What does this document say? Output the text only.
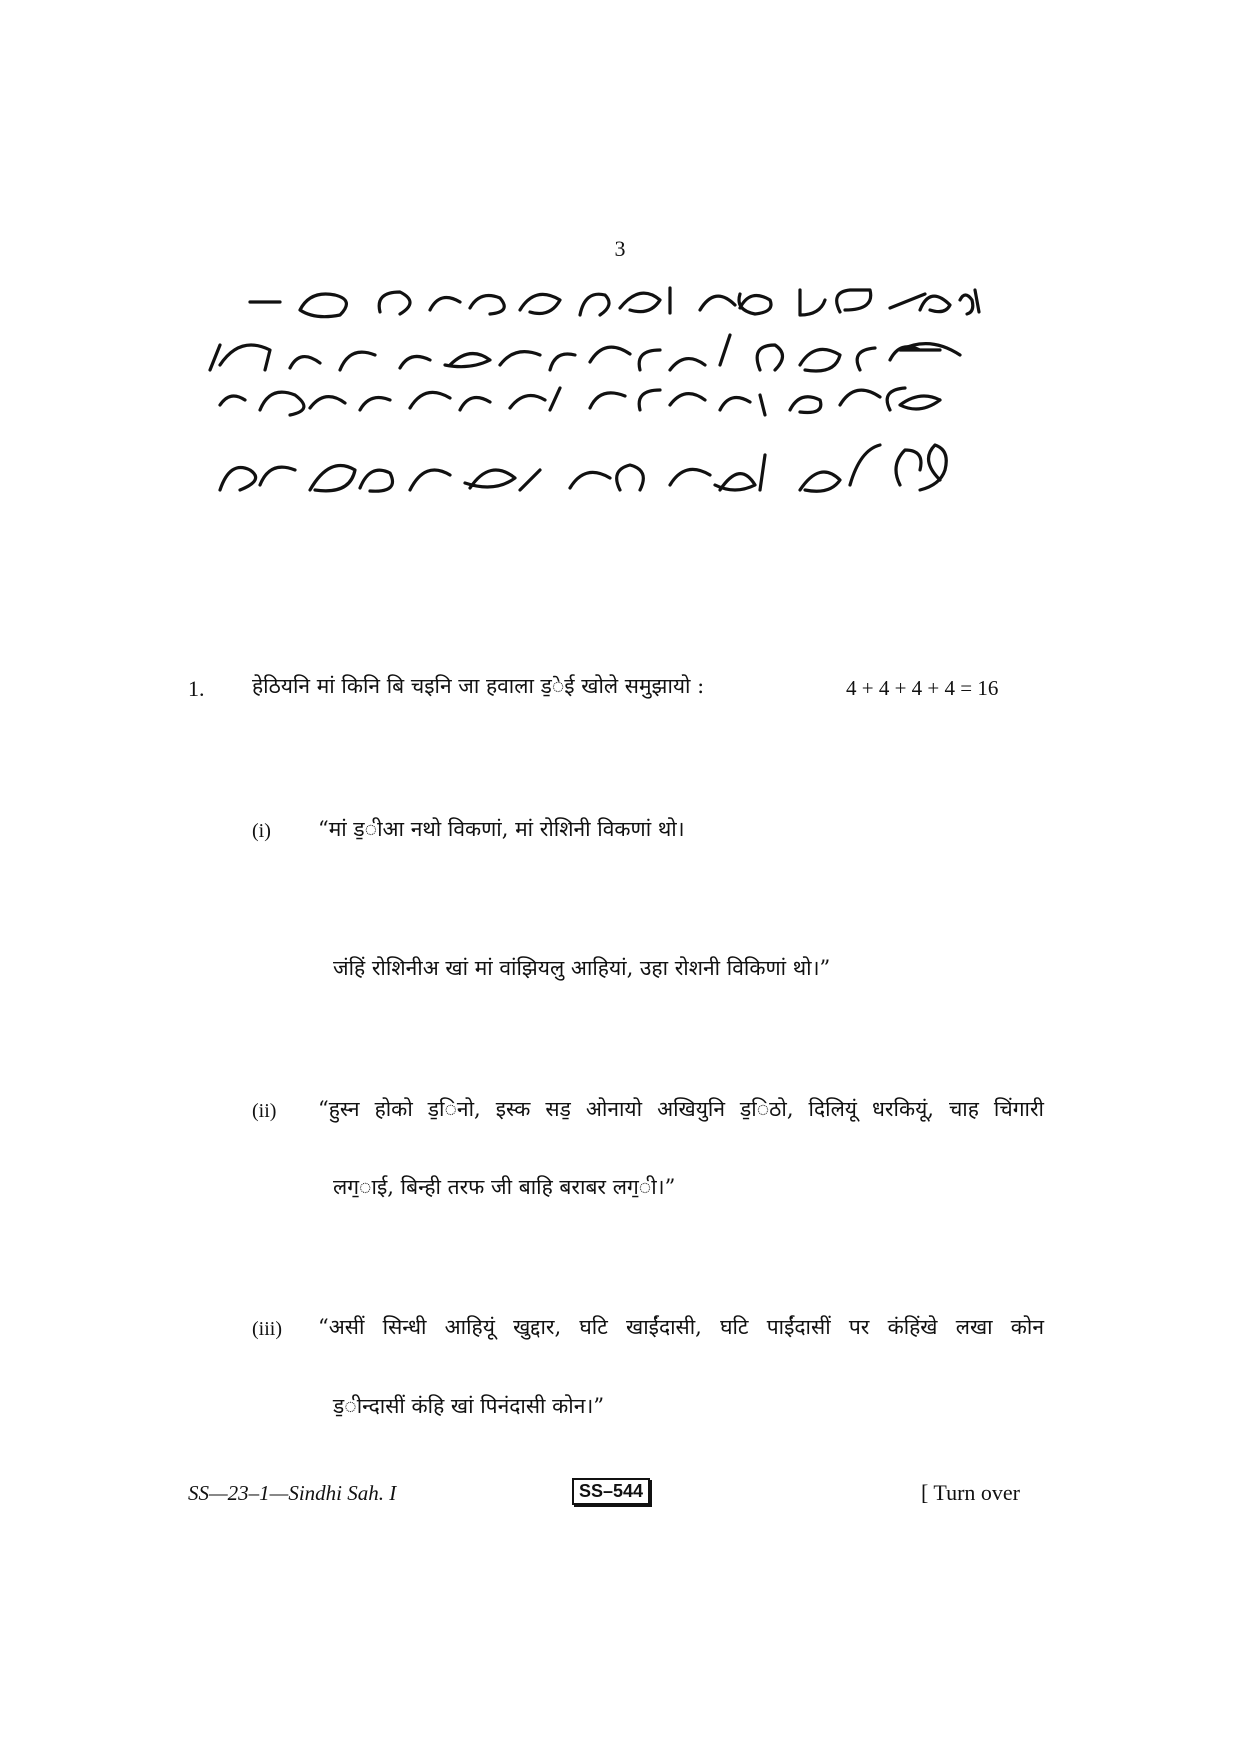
3
1. हेठियनि मां किनि बि चइनि जा हवाला ड̱ेई खोले समुझायो :	4 + 4 + 4 + 4 = 16
(i) “मां ड̱ीआ नथो विकणां, मां रोशिनी विकणां थो।
जंहिं रोशिनीअ खां मां वांझियलु आहियां, उहा रोशनी विकिणां थो।”
(ii) “हुस्न होको ड̱िनो, इस्क सड̱ ओनायो अखियुनि ड̱िठो, दिलियूं धरकियूं, चाह चिंगारी
लग̱ाई, बिन्ही तरफ जी बाहि बराबर लग̱ी।”
(iii) “असीं सिन्धी आहियूं खुद्दार, घटि खाईंदासी, घटि पाईंदासीं पर कंहिंखे लखा कोन
ड̱ीन्दासीं कंहि खां पिनंदासी कोन।”
SS—23–1—Sindhi Sah. I	SS–544	[ Turn over
